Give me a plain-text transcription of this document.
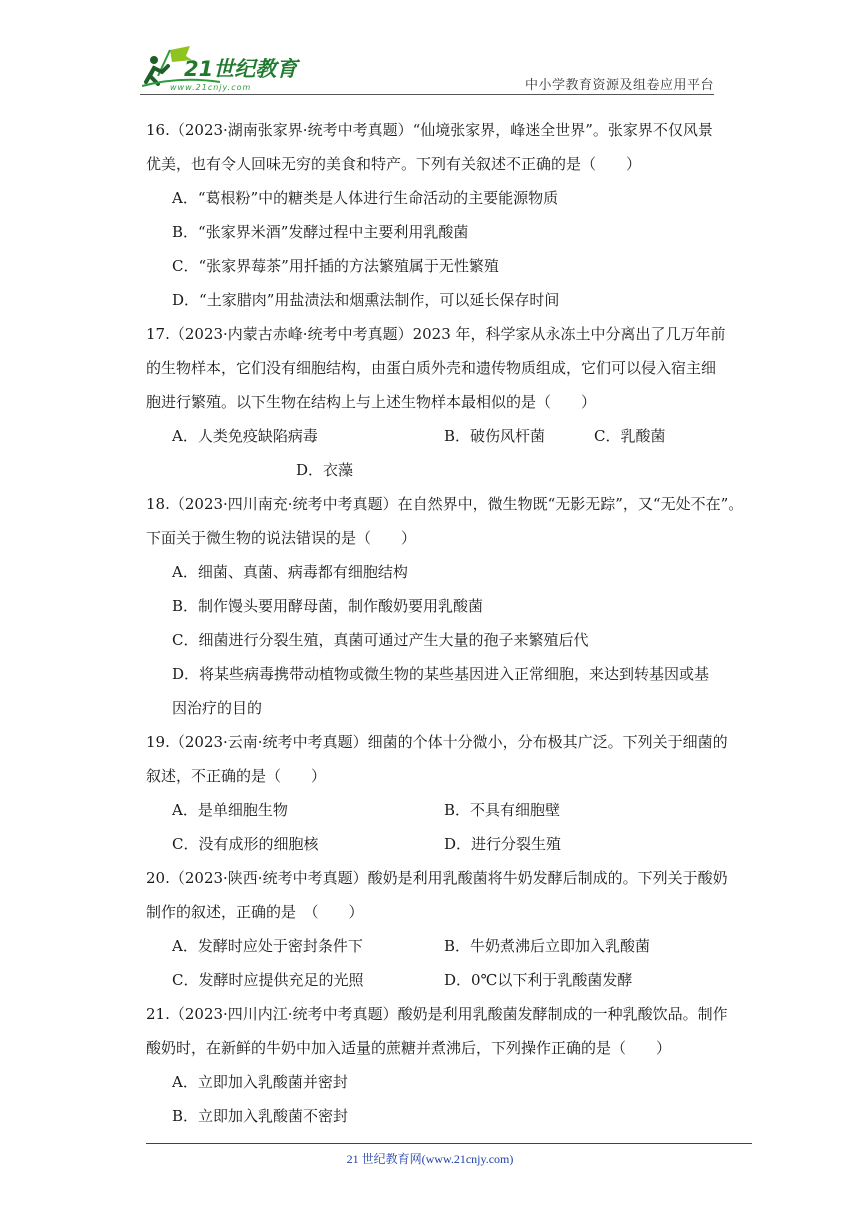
21世纪教育
www.21cnjy.com	中小学教育资源及组卷应用平台
16.（2023·湖南张家界·统考中考真题）“仙境张家界，峰迷全世界”。张家界不仅风景
优美，也有令人回味无穷的美食和特产。下列有关叙述不正确的是（　　）
A．“葛根粉”中的糖类是人体进行生命活动的主要能源物质
B．“张家界米酒”发酵过程中主要利用乳酸菌
C．“张家界莓茶”用扦插的方法繁殖属于无性繁殖
D．“土家腊肉”用盐渍法和烟熏法制作，可以延长保存时间
17.（2023·内蒙古赤峰·统考中考真题）2023 年，科学家从永冻土中分离出了几万年前
的生物样本，它们没有细胞结构，由蛋白质外壳和遗传物质组成，它们可以侵入宿主细
胞进行繁殖。以下生物在结构上与上述生物样本最相似的是（　　）
A．人类免疫缺陷病毒	B．破伤风杆菌	C．乳酸菌
D．衣藻
18.（2023·四川南充·统考中考真题）在自然界中，微生物既“无影无踪”，又“无处不在”。
下面关于微生物的说法错误的是（　　）
A．细菌、真菌、病毒都有细胞结构
B．制作馒头要用酵母菌，制作酸奶要用乳酸菌
C．细菌进行分裂生殖，真菌可通过产生大量的孢子来繁殖后代
D．将某些病毒携带动植物或微生物的某些基因进入正常细胞，来达到转基因或基
因治疗的目的
19.（2023·云南·统考中考真题）细菌的个体十分微小，分布极其广泛。下列关于细菌的
叙述，不正确的是（　　）
A．是单细胞生物	B．不具有细胞壁
C．没有成形的细胞核	D．进行分裂生殖
20.（2023·陕西·统考中考真题）酸奶是利用乳酸菌将牛奶发酵后制成的。下列关于酸奶
制作的叙述，正确的是　（　　）
A．发酵时应处于密封条件下	B．牛奶煮沸后立即加入乳酸菌
C．发酵时应提供充足的光照	D．0℃以下利于乳酸菌发酵
21.（2023·四川内江·统考中考真题）酸奶是利用乳酸菌发酵制成的一种乳酸饮品。制作
酸奶时，在新鲜的牛奶中加入适量的蔗糖并煮沸后，下列操作正确的是（　　）
A．立即加入乳酸菌并密封
B．立即加入乳酸菌不密封
21 世纪教育网(www.21cnjy.com)
